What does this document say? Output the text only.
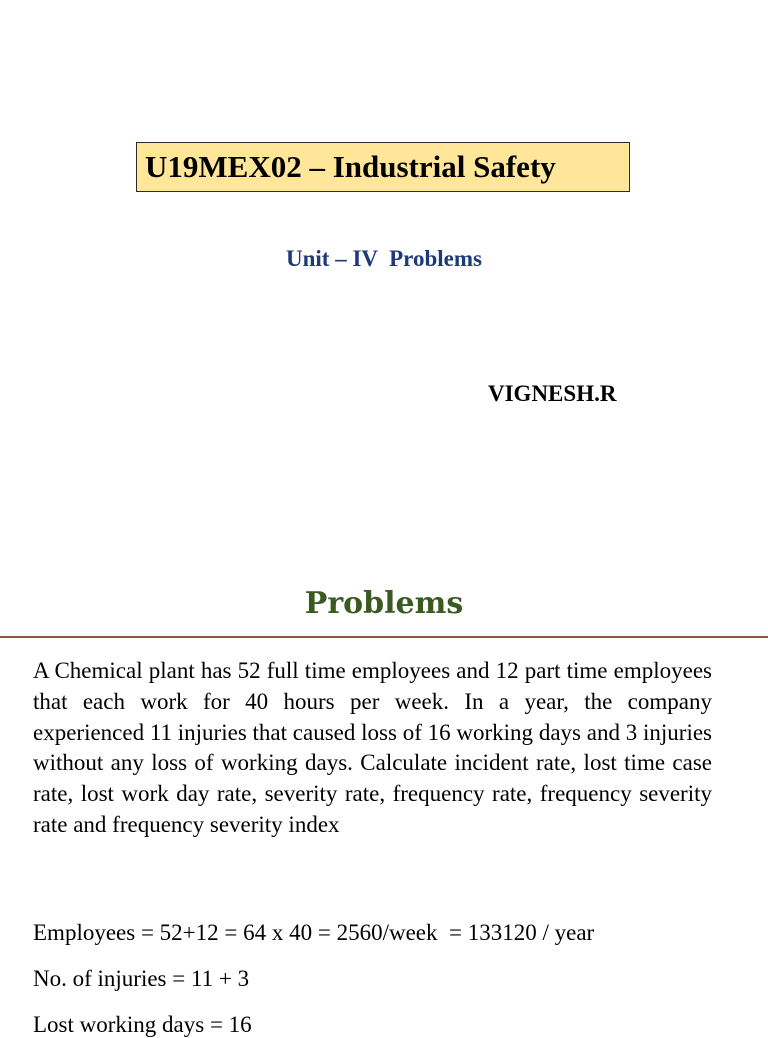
U19MEX02 – Industrial Safety
Unit – IV  Problems
VIGNESH.R
Problems

A Chemical plant has 52 full time employees and 12 part time employees that each work for 40 hours per week. In a year, the company experienced 11 injuries that caused loss of 16 working days and 3 injuries without any loss of working days. Calculate incident rate, lost time case rate, lost work day rate, severity rate, frequency rate, frequency severity rate and frequency severity index

Employees = 52+12 = 64 x 40 = 2560/week  = 133120 / year
No. of injuries = 11 + 3
Lost working days = 16
